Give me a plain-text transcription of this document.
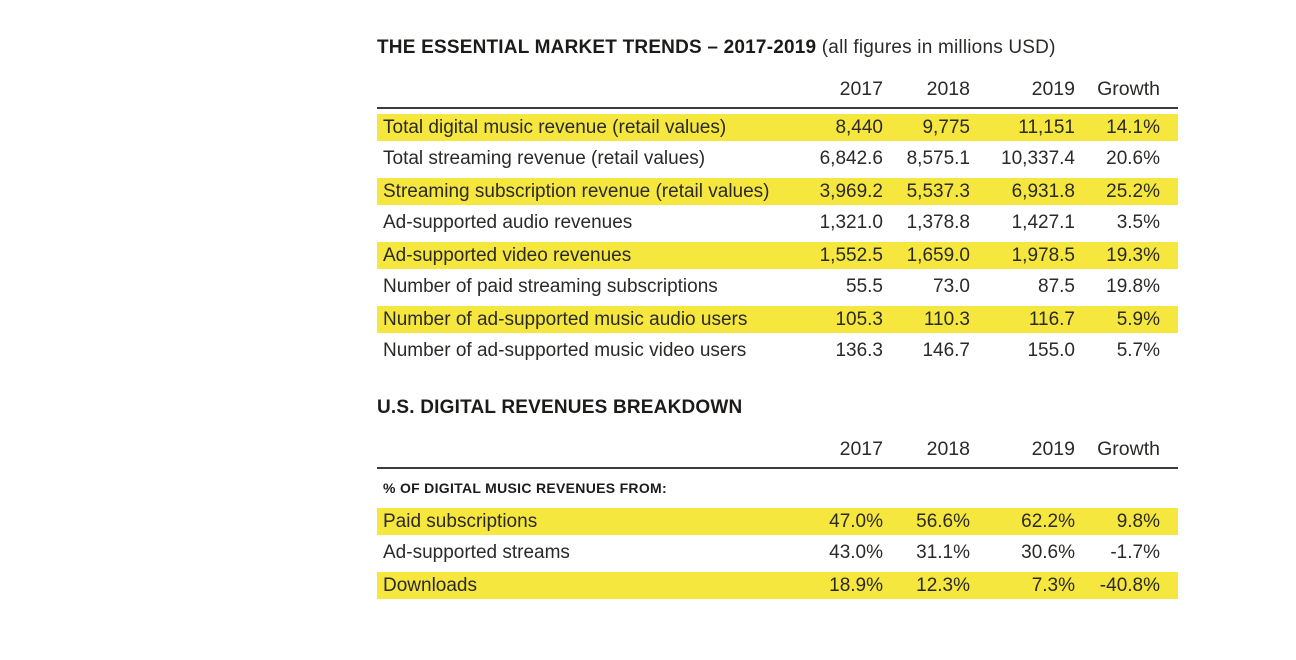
THE ESSENTIAL MARKET TRENDS – 2017-2019 (all figures in millions USD)
2017	2018	2019	Growth
Total digital music revenue (retail values)	8,440	9,775	11,151	14.1%
Total streaming revenue (retail values)	6,842.6	8,575.1	10,337.4	20.6%
Streaming subscription revenue (retail values)	3,969.2	5,537.3	6,931.8	25.2%
Ad-supported audio revenues	1,321.0	1,378.8	1,427.1	3.5%
Ad-supported video revenues	1,552.5	1,659.0	1,978.5	19.3%
Number of paid streaming subscriptions	55.5	73.0	87.5	19.8%
Number of ad-supported music audio users	105.3	110.3	116.7	5.9%
Number of ad-supported music video users	136.3	146.7	155.0	5.7%
U.S. DIGITAL REVENUES BREAKDOWN
2017	2018	2019	Growth
% OF DIGITAL MUSIC REVENUES FROM:
Paid subscriptions	47.0%	56.6%	62.2%	9.8%
Ad-supported streams	43.0%	31.1%	30.6%	-1.7%
Downloads	18.9%	12.3%	7.3%	-40.8%
